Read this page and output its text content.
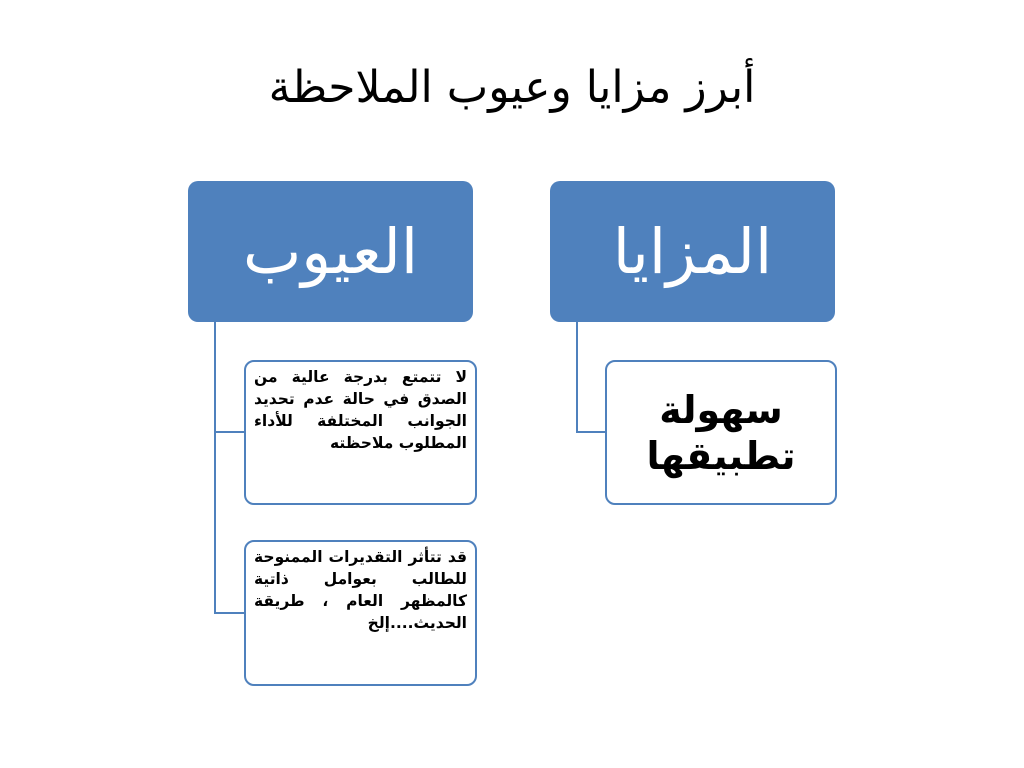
أبرز مزايا وعيوب الملاحظة
المزايا
سهولة تطبيقها
العيوب
لا تتمتع بدرجة عالية من الصدق في حالة عدم تحديد الجوانب المختلفة للأداء المطلوب ملاحظته
قد تتأثر التقديرات الممنوحة للطالب بعوامل ذاتية كالمظهر العام ، طريقة الحديث....إلخ
